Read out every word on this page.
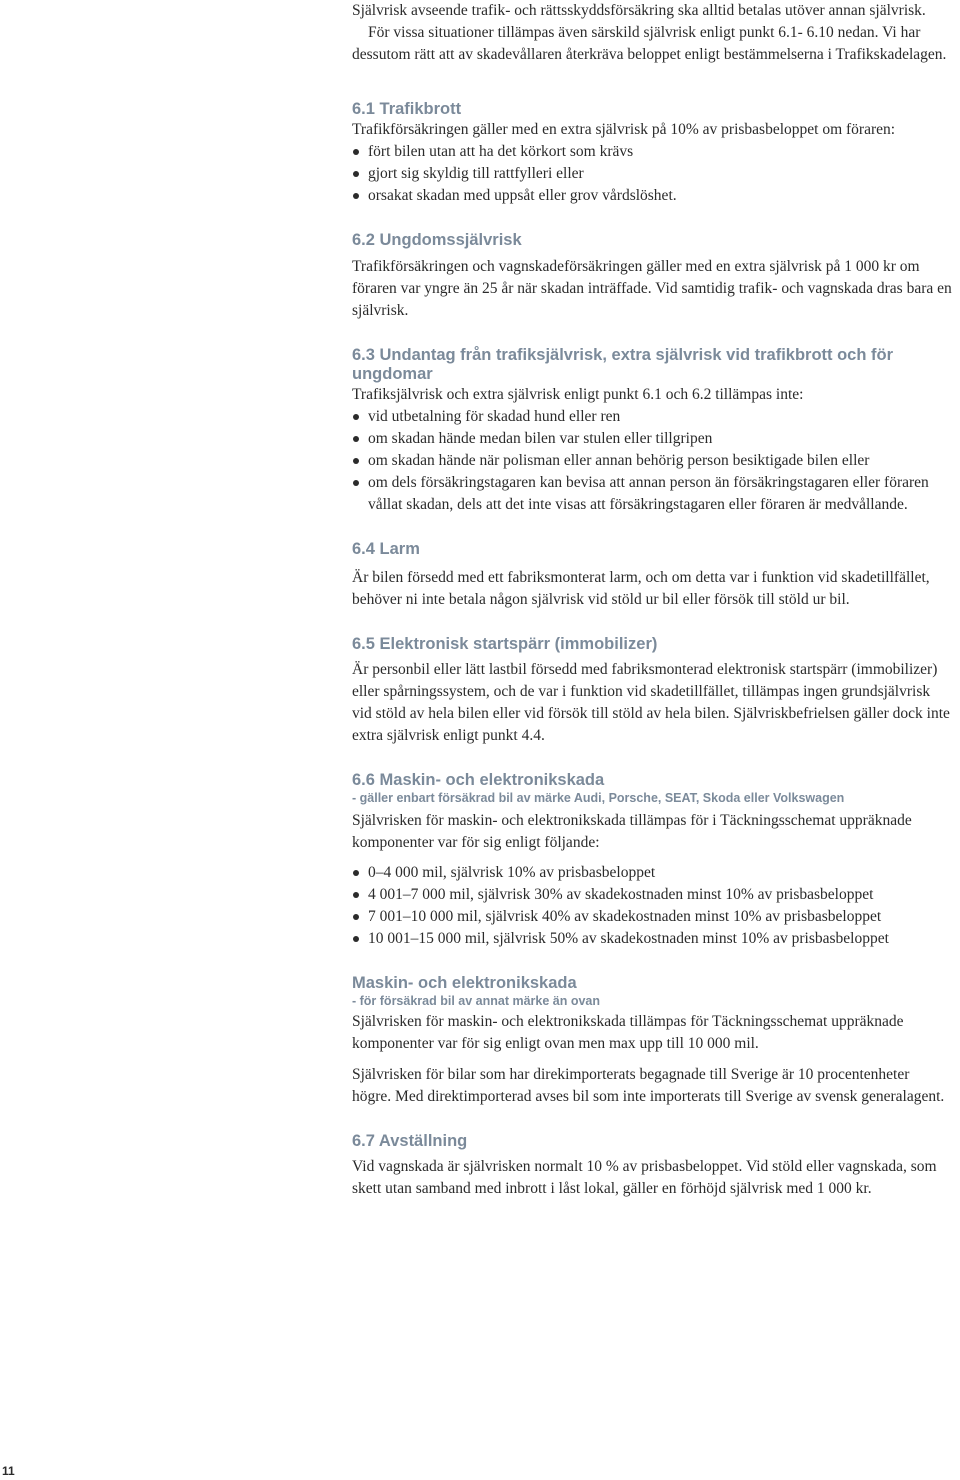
Självrisk avseende trafik- och rättsskyddsförsäkring ska alltid betalas utöver annan självrisk.

För vissa situationer tillämpas även särskild självrisk enligt punkt 6.1- 6.10 nedan. Vi har dessutom rätt att av skadevållaren återkräva beloppet enligt bestämmelserna i Trafikskadelagen.

6.1 Trafikbrott

Trafikförsäkringen gäller med en extra självrisk på 10% av prisbasbeloppet om föraren:

fört bilen utan att ha det körkort som krävs
gjort sig skyldig till rattfylleri eller
orsakat skadan med uppsåt eller grov vårdslöshet.
6.2 Ungdomssjälvrisk

Trafikförsäkringen och vagnskadeförsäkringen gäller med en extra självrisk på 1 000 kr om föraren var yngre än 25 år när skadan inträffade. Vid samtidig trafik- och vagnskada dras bara en självrisk.

6.3 Undantag från trafiksjälvrisk, extra självrisk vid trafikbrott och för ungdomar

Trafiksjälvrisk och extra självrisk enligt punkt 6.1 och 6.2 tillämpas inte:

vid utbetalning för skadad hund eller ren
om skadan hände medan bilen var stulen eller tillgripen
om skadan hände när polisman eller annan behörig person besiktigade bilen eller
om dels försäkringstagaren kan bevisa att annan person än försäkringstagaren eller föraren vållat skadan, dels att det inte visas att försäkringstagaren eller föraren är medvållande.
6.4 Larm

Är bilen försedd med ett fabriksmonterat larm, och om detta var i funktion vid skadetillfället, behöver ni inte betala någon självrisk vid stöld ur bil eller försök till stöld ur bil.

6.5 Elektronisk startspärr (immobilizer)

Är personbil eller lätt lastbil försedd med fabriksmonterad elektronisk startspärr (immobilizer) eller spårningssystem, och de var i funktion vid skadetillfället, tillämpas ingen grundsjälvrisk vid stöld av hela bilen eller vid försök till stöld av hela bilen. Självriskbefrielsen gäller dock inte extra självrisk enligt punkt 4.4.

6.6 Maskin- och elektronikskada

- gäller enbart försäkrad bil av märke Audi, Porsche, SEAT, Skoda eller Volkswagen

Självrisken för maskin- och elektronikskada tillämpas för i Täckningsschemat uppräknade komponenter var för sig enligt följande:

0–4 000 mil, självrisk 10% av prisbasbeloppet
4 001–7 000 mil, självrisk 30% av skadekostnaden minst 10% av prisbasbeloppet
7 001–10 000 mil, självrisk 40% av skadekostnaden minst 10% av prisbasbeloppet
10 001–15 000 mil, självrisk 50% av skadekostnaden minst 10% av prisbasbeloppet
Maskin- och elektronikskada

- för försäkrad bil av annat märke än ovan

Självrisken för maskin- och elektronikskada tillämpas för Täckningsschemat uppräknade komponenter var för sig enligt ovan men max upp till 10 000 mil.

Självrisken för bilar som har direkimporterats begagnade till Sverige är 10 procentenheter högre. Med direktimporterad avses bil som inte importerats till Sverige av svensk generalagent.

6.7 Avställning

Vid vagnskada är självrisken normalt 10 % av prisbasbeloppet. Vid stöld eller vagnskada, som skett utan samband med inbrott i låst lokal, gäller en förhöjd självrisk med 1 000 kr.

11
